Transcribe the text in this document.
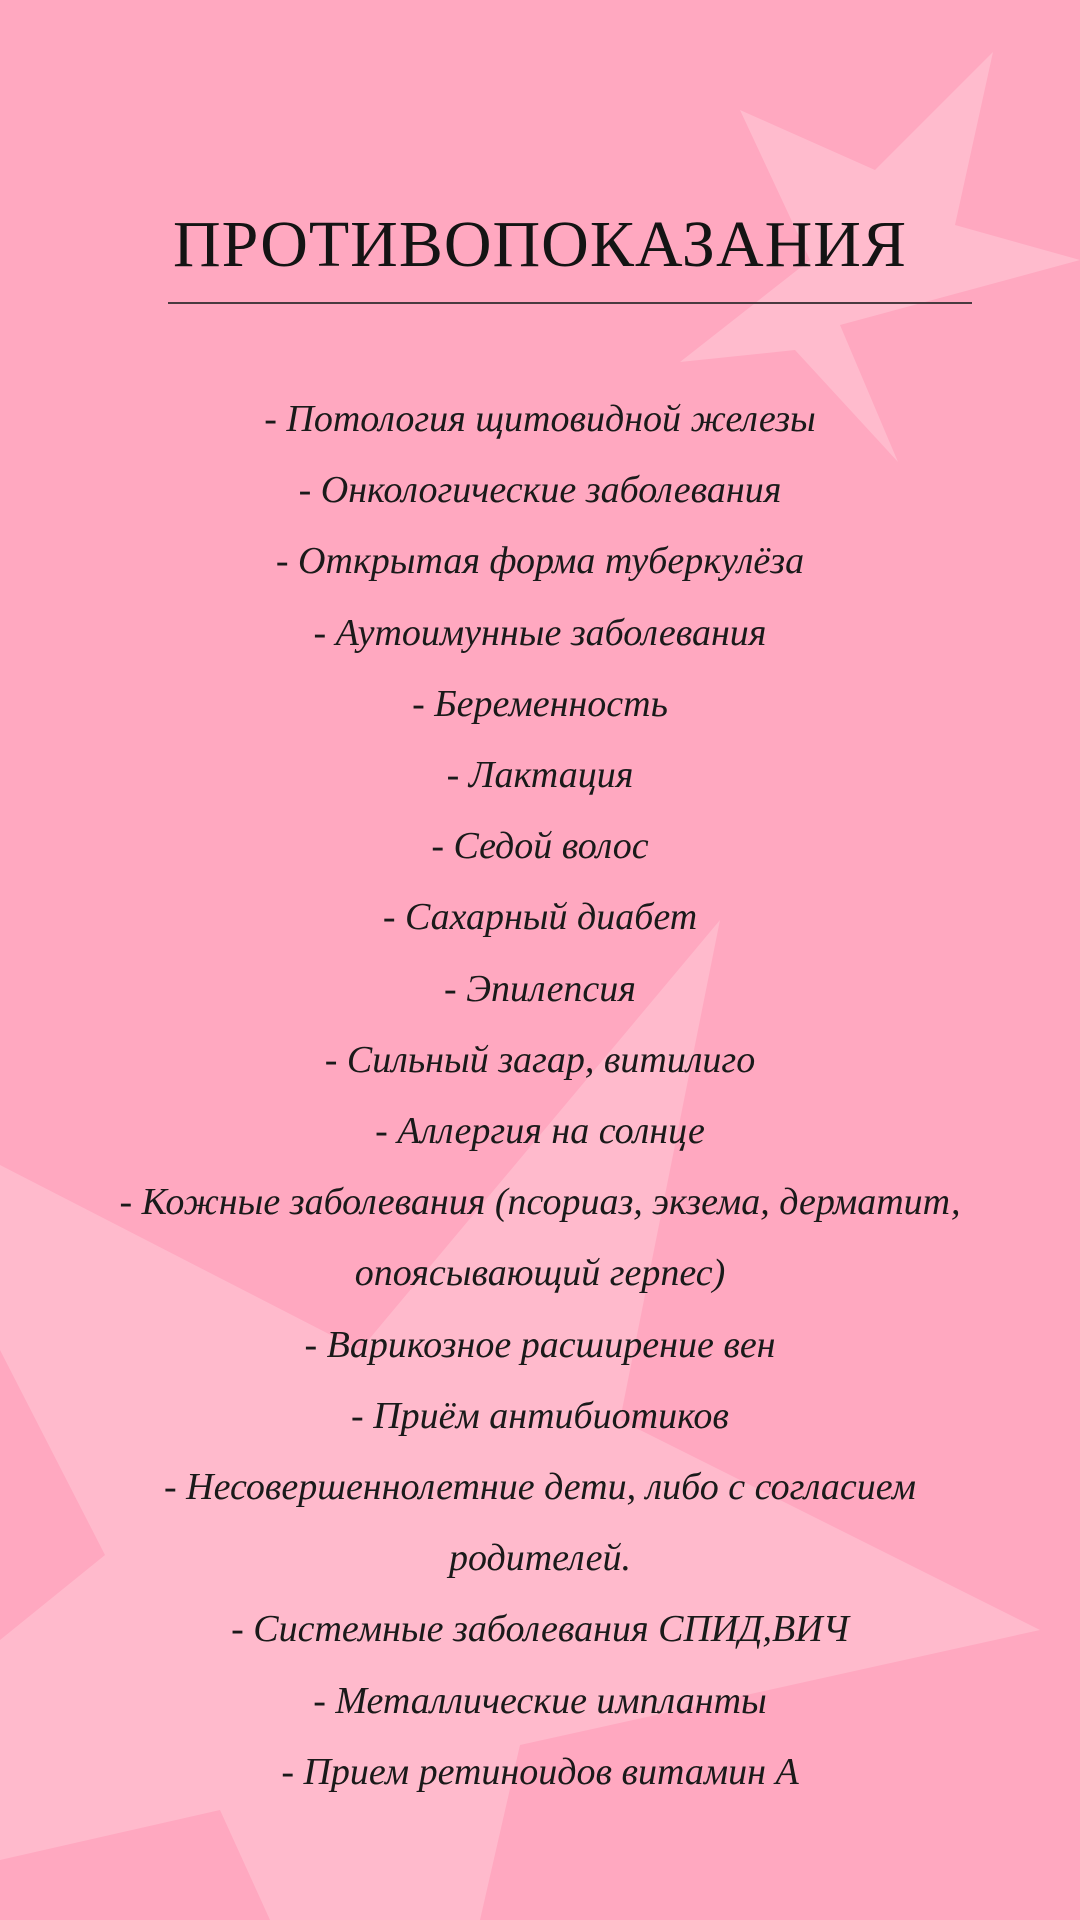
ПРОТИВОПОКАЗАНИЯ
- Потология щитовидной железы
- Онкологические заболевания
- Открытая форма туберкулёза
- Аутоимунные заболевания
- Беременность
- Лактация
- Седой волос
- Сахарный диабет
- Эпилепсия
- Сильный загар, витилиго
- Аллергия на солнце
- Кожные заболевания (псориаз, экзема, дерматит,
опоясывающий герпес)
- Варикозное расширение вен
- Приём антибиотиков
- Несовершеннолетние дети, либо с согласием родителей.
- Системные заболевания СПИД,ВИЧ
- Металлические импланты
- Прием ретиноидов витамин А
